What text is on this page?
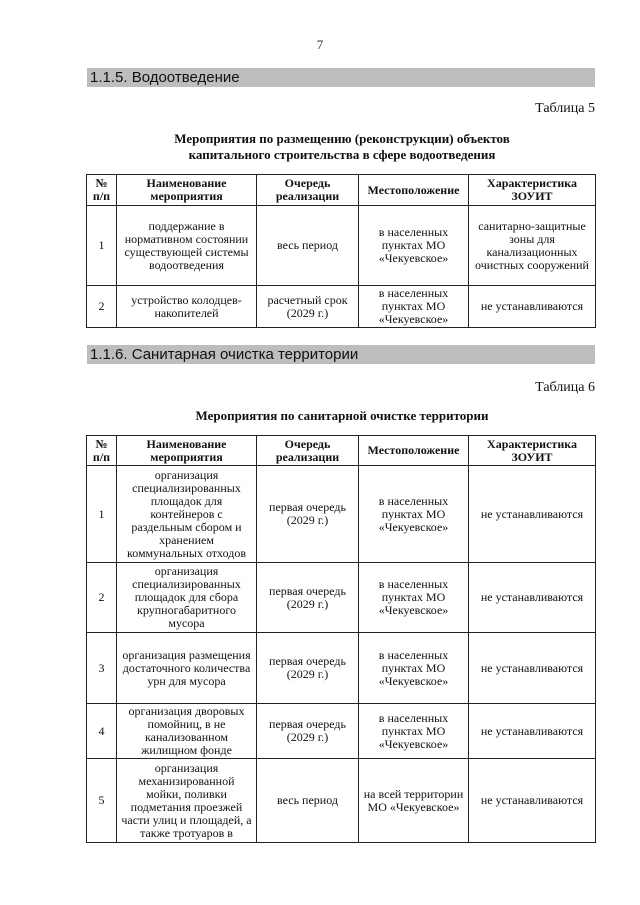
7
1.1.5. Водоотведение
Таблица 5
Мероприятия по размещению (реконструкции) объектов
капитального строительства в сфере водоотведения
№ п/п	Наименование мероприятия	Очередь реализации	Местоположение	Характеристика ЗОУИТ
1	поддержание в нормативном состоянии существующей системы водоотведения	весь период	в населенных пунктах МО «Чекуевское»	санитарно-защитные зоны для канализационных очистных сооружений
2	устройство колодцев-накопителей	расчетный срок (2029 г.)	в населенных пунктах МО «Чекуевское»	не устанавливаются
1.1.6. Санитарная очистка территории
Таблица 6
Мероприятия по санитарной очистке территории
№ п/п	Наименование мероприятия	Очередь реализации	Местоположение	Характеристика ЗОУИТ
1	организация специализированных площадок для контейнеров с раздельным сбором и хранением коммунальных отходов	первая очередь (2029 г.)	в населенных пунктах МО «Чекуевское»	не устанавливаются
2	организация специализированных площадок для сбора крупногабаритного мусора	первая очередь (2029 г.)	в населенных пунктах МО «Чекуевское»	не устанавливаются
3	организация размещения достаточного количества урн для мусора	первая очередь (2029 г.)	в населенных пунктах МО «Чекуевское»	не устанавливаются
4	организация дворовых помойниц, в не канализованном жилищном фонде	первая очередь (2029 г.)	в населенных пунктах МО «Чекуевское»	не устанавливаются
5	организация механизированной мойки, поливки подметания проезжей части улиц и площадей, а также тротуаров в	весь период	на всей территории МО «Чекуевское»	не устанавливаются
